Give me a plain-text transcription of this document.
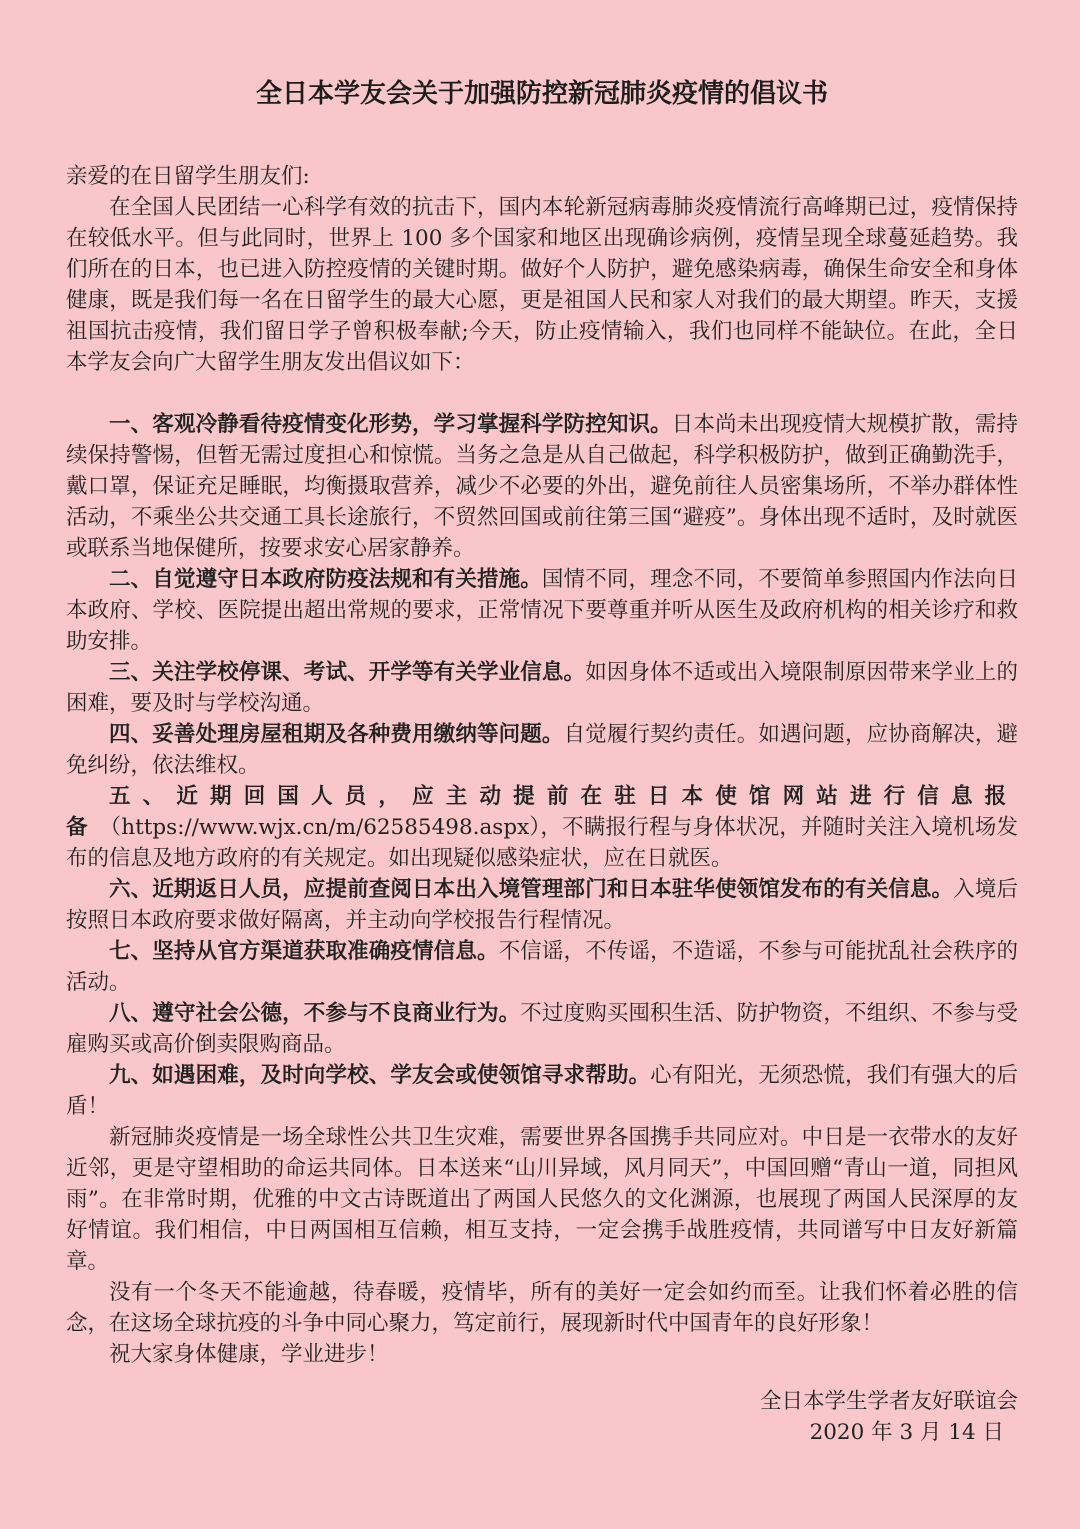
全日本学友会关于加强防控新冠肺炎疫情的倡议书

亲爱的在日留学生朋友们:

在全国人民团结一心科学有效的抗击下，国内本轮新冠病毒肺炎疫情流行高峰期已过，疫情保持在较低水平。但与此同时，世界上 100 多个国家和地区出现确诊病例，疫情呈现全球蔓延趋势。我们所在的日本，也已进入防控疫情的关键时期。做好个人防护，避免感染病毒，确保生命安全和身体健康，既是我们每一名在日留学生的最大心愿，更是祖国人民和家人对我们的最大期望。昨天，支援祖国抗击疫情，我们留日学子曾积极奉献;今天，防止疫情输入，我们也同样不能缺位。在此，全日本学友会向广大留学生朋友发出倡议如下：

一、客观冷静看待疫情变化形势，学习掌握科学防控知识。日本尚未出现疫情大规模扩散，需持续保持警惕，但暂无需过度担心和惊慌。当务之急是从自己做起，科学积极防护，做到正确勤洗手，戴口罩，保证充足睡眠，均衡摄取营养，减少不必要的外出，避免前往人员密集场所，不举办群体性活动，不乘坐公共交通工具长途旅行，不贸然回国或前往第三国“避疫”。身体出现不适时，及时就医或联系当地保健所，按要求安心居家静养。

二、自觉遵守日本政府防疫法规和有关措施。国情不同，理念不同，不要简单参照国内作法向日本政府、学校、医院提出超出常规的要求，正常情况下要尊重并听从医生及政府机构的相关诊疗和救助安排。

三、关注学校停课、考试、开学等有关学业信息。如因身体不适或出入境限制原因带来学业上的困难，要及时与学校沟通。

四、妥善处理房屋租期及各种费用缴纳等问题。自觉履行契约责任。如遇问题，应协商解决，避免纠纷，依法维权。

五、近期回国人员，应主动提前在驻日本使馆网站进行信息报备（https://www.wjx.cn/m/62585498.aspx），不瞒报行程与身体状况，并随时关注入境机场发布的信息及地方政府的有关规定。如出现疑似感染症状，应在日就医。

六、近期返日人员，应提前查阅日本出入境管理部门和日本驻华使领馆发布的有关信息。入境后按照日本政府要求做好隔离，并主动向学校报告行程情况。

七、坚持从官方渠道获取准确疫情信息。不信谣，不传谣，不造谣，不参与可能扰乱社会秩序的活动。

八、遵守社会公德，不参与不良商业行为。不过度购买囤积生活、防护物资，不组织、不参与受雇购买或高价倒卖限购商品。

九、如遇困难，及时向学校、学友会或使领馆寻求帮助。心有阳光，无须恐慌，我们有强大的后盾！

新冠肺炎疫情是一场全球性公共卫生灾难，需要世界各国携手共同应对。中日是一衣带水的友好近邻，更是守望相助的命运共同体。日本送来“山川异域，风月同天”，中国回赠“青山一道，同担风雨”。在非常时期，优雅的中文古诗既道出了两国人民悠久的文化渊源，也展现了两国人民深厚的友好情谊。我们相信，中日两国相互信赖，相互支持，一定会携手战胜疫情，共同谱写中日友好新篇章。

没有一个冬天不能逾越，待春暖，疫情毕，所有的美好一定会如约而至。让我们怀着必胜的信念，在这场全球抗疫的斗争中同心聚力，笃定前行，展现新时代中国青年的良好形象！

祝大家身体健康，学业进步！

全日本学生学者友好联谊会
2020 年 3 月 14 日
